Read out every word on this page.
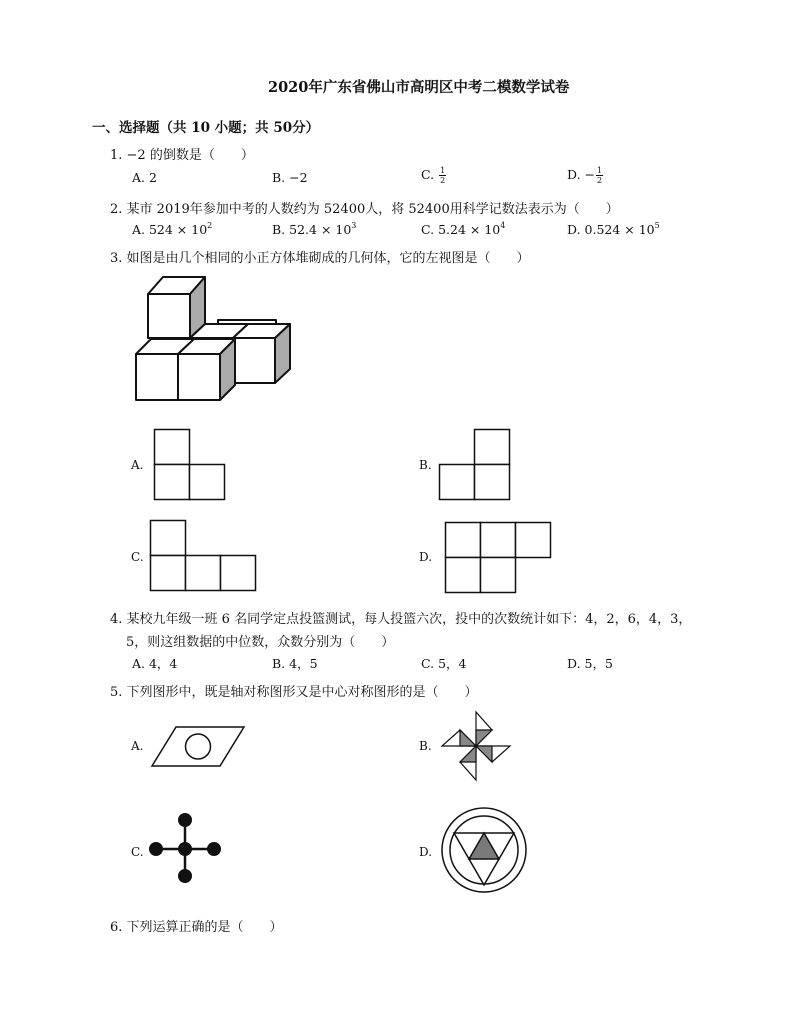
2020年广东省佛山市高明区中考二模数学试卷
一、选择题（共 10 小题；共 50分）
1. −2 的倒数是（　　）
A. 2	B. −2	C. $\frac{1}{2}$	D. − $\frac{1}{2}$
2. 某市 2019年参加中考的人数约为 52400人，将 52400用科学记数法表示为（　　）
A. $524 \times 10^2$	B. $52.4 \times 10^3$	C. $5.24 \times 10^4$	D. $0.524 \times 10^5$
3. 如图是由几个相同的小正方体堆砌成的几何体，它的左视图是（　　）
A.	B.
C.	D.
4. 某校九年级一班 6 名同学定点投篮测试，每人投篮六次，投中的次数统计如下：4，2，6，4，3，
5，则这组数据的中位数，众数分别为（　　）
A. 4，4	B. 4，5	C. 5，4	D. 5，5
5. 下列图形中，既是轴对称图形又是中心对称图形的是（　　）
A.	B.
C.	D.
6. 下列运算正确的是（　　）
